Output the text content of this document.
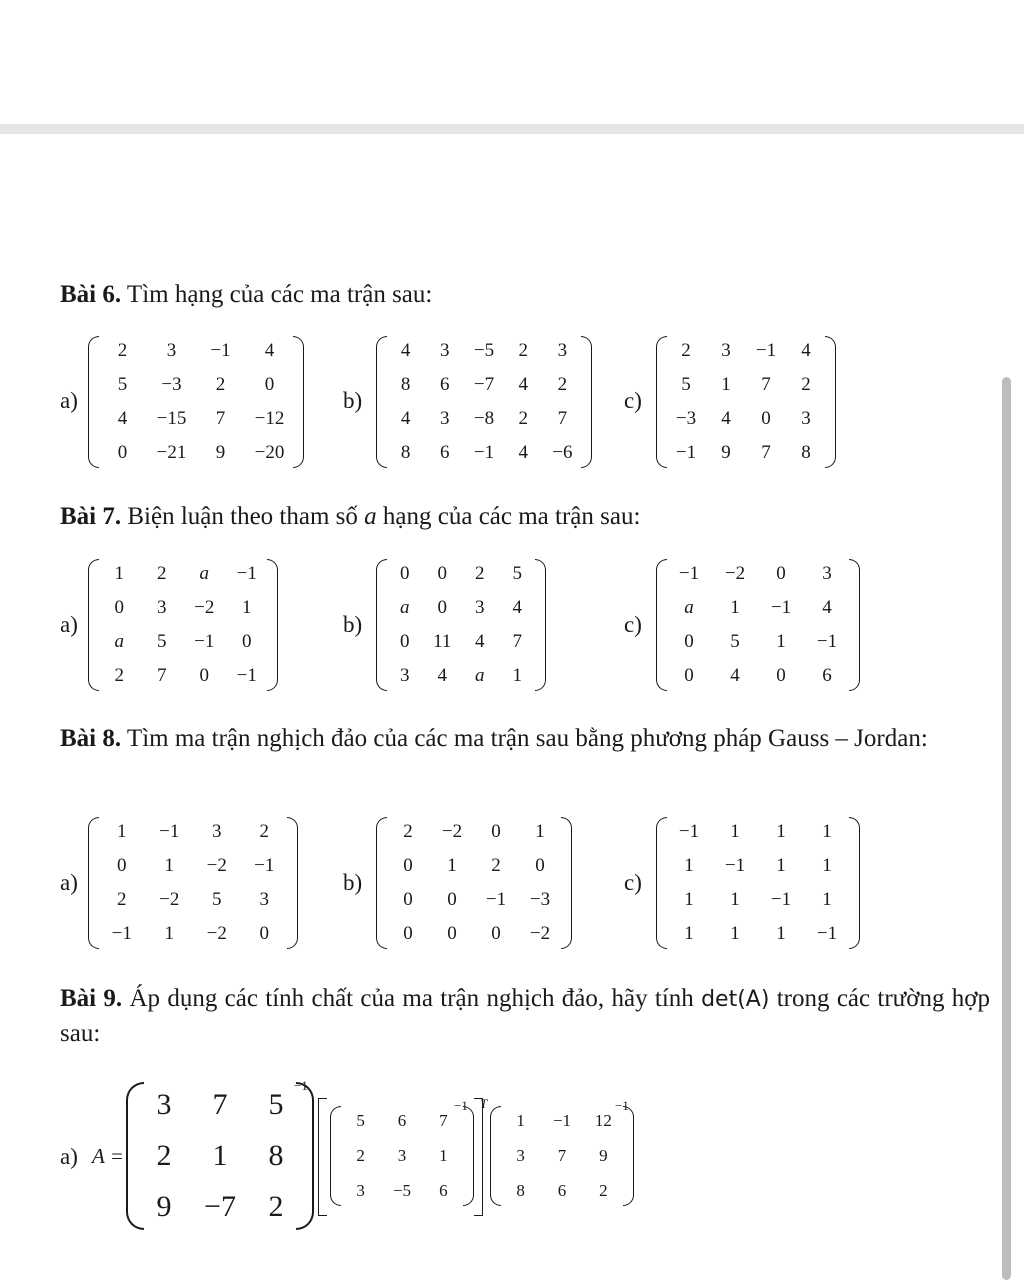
Bài 6. Tìm hạng của các ma trận sau:
a)
2 3 −1 4
5 −3 2 0
4 −15 7 −12
0 −21 9 −20
b)
4 3 −5 2 3
8 6 −7 4 2
4 3 −8 2 7
8 6 −1 4 −6
c)
2 3 −1 4
5 1 7 2
−3 4 0 3
−1 9 7 8
Bài 7. Biện luận theo tham số a hạng của các ma trận sau:
a)
1 2 a −1
0 3 −2 1
a 5 −1 0
2 7 0 −1
b)
0 0 2 5
a 0 3 4
0 11 4 7
3 4 a 1
c)
−1 −2 0 3
a 1 −1 4
0 5 1 −1
0 4 0 6
Bài 8. Tìm ma trận nghịch đảo của các ma trận sau bằng phương pháp Gauss – Jordan:
a)
1 −1 3 2
0 1 −2 −1
2 −2 5 3
−1 1 −2 0
b)
2 −2 0 1
0 1 2 0
0 0 −1 −3
0 0 0 −2
c)
−1 1 1 1
1 −1 1 1
1 1 −1 1
1 1 1 −1
Bài 9. Áp dụng các tính chất của ma trận nghịch đảo, hãy tính det(A) trong các trường hợp sau:
a) A =
3 7 5
2 1 8
9 −7 2
−1
5 6 7
2 3 1
3 −5 6
−1 T
1 −1 12
3 7 9
8 6 2
−1
